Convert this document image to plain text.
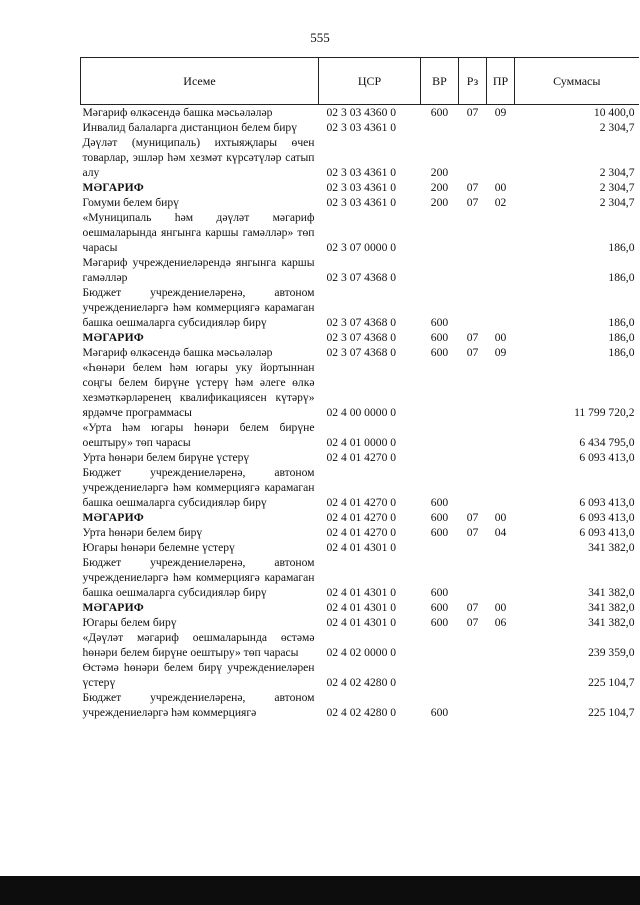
555
Исеме	ЦСР	ВР	Рз	ПР	Суммасы
Мәгариф өлкәсендә башка мәсьәләләр	02 3 03 4360 0	600	07	09	10 400,0
Инвалид балаларга дистанцион белем бирү	02 3 03 4361 0				2 304,7
Дәүләт (муниципаль) ихтыяҗлары өчен товарлар, эшләр һәм хезмәт күрсәтүләр сатып алу	02 3 03 4361 0	200			2 304,7
МӘГАРИФ	02 3 03 4361 0	200	07	00	2 304,7
Гомуми белем бирү	02 3 03 4361 0	200	07	02	2 304,7
«Муниципаль һәм дәүләт мәгариф оешмаларында янгынга каршы гамәлләр» төп чарасы	02 3 07 0000 0				186,0
Мәгариф учреждениеләрендә янгынга каршы гамәлләр	02 3 07 4368 0				186,0
Бюджет учреждениеләренә, автоном учреждениеләргә һәм коммерциягә карамаган башка оешмаларга субсидияләр бирү	02 3 07 4368 0	600			186,0
МӘГАРИФ	02 3 07 4368 0	600	07	00	186,0
Мәгариф өлкәсендә башка мәсьәләләр	02 3 07 4368 0	600	07	09	186,0
«Һөнәри белем һәм югары уку йортыннан соңгы белем бирүне үстерү һәм әлеге өлкә хезмәткәрләренең квалификациясен күтәрү» ярдәмче программасы	02 4 00 0000 0				11 799 720,2
«Урта һәм югары һөнәри белем бирүне оештыру» төп чарасы	02 4 01 0000 0				6 434 795,0
Урта һөнәри белем бирүне үстерү	02 4 01 4270 0				6 093 413,0
Бюджет учреждениеләренә, автоном учреждениеләргә һәм коммерциягә карамаган башка оешмаларга субсидияләр бирү	02 4 01 4270 0	600			6 093 413,0
МӘГАРИФ	02 4 01 4270 0	600	07	00	6 093 413,0
Урта һөнәри белем бирү	02 4 01 4270 0	600	07	04	6 093 413,0
Югары һөнәри белемне үстерү	02 4 01 4301 0				341 382,0
Бюджет учреждениеләренә, автоном учреждениеләргә һәм коммерциягә карамаган башка оешмаларга субсидияләр бирү	02 4 01 4301 0	600			341 382,0
МӘГАРИФ	02 4 01 4301 0	600	07	00	341 382,0
Югары белем бирү	02 4 01 4301 0	600	07	06	341 382,0
«Дәүләт мәгариф оешмаларында өстәмә һөнәри белем бирүне оештыру» төп чарасы	02 4 02 0000 0				239 359,0
Өстәмә һөнәри белем бирү учреждениеләрен үстерү	02 4 02 4280 0				225 104,7
Бюджет учреждениеләренә, автоном учреждениеләргә һәм коммерциягә	02 4 02 4280 0	600			225 104,7
